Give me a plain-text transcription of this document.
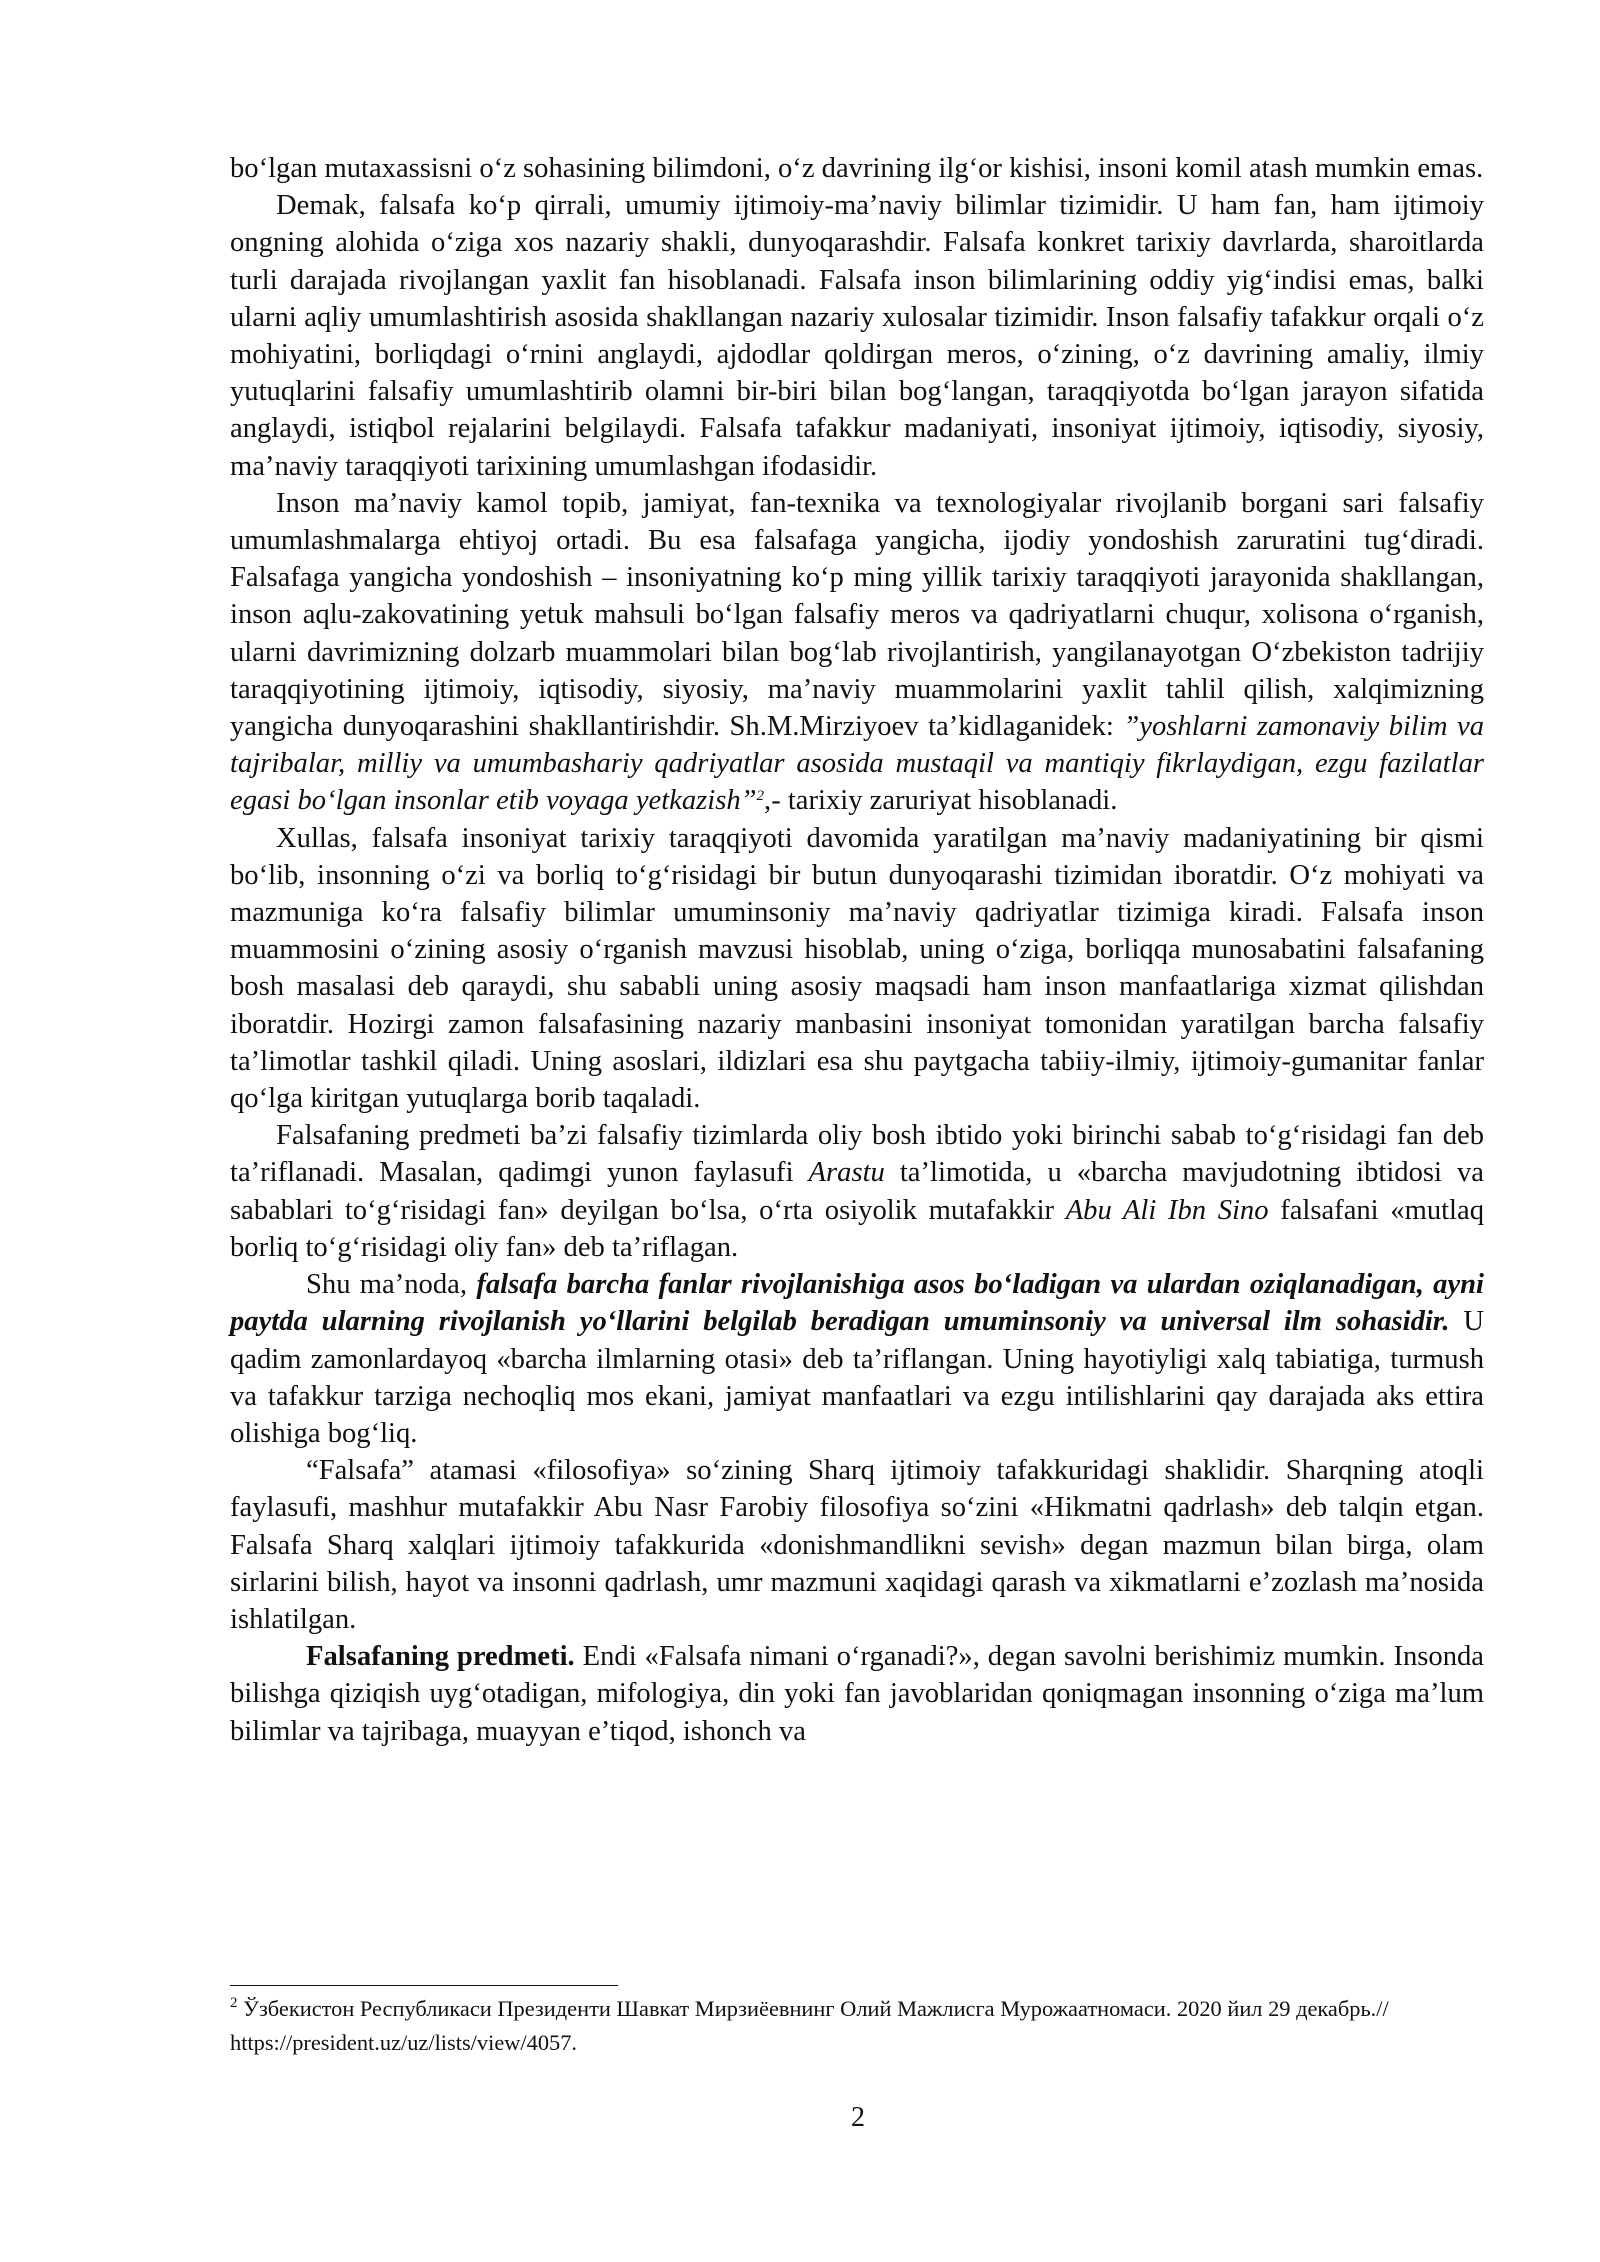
bo‘lgan mutaxassisni o‘z sohasining bilimdoni, o‘z davrining ilg‘or kishisi, insoni komil atash mumkin emas.

Demak, falsafa ko‘p qirrali, umumiy ijtimoiy-ma’naviy bilimlar tizimidir. U ham fan, ham ijtimoiy ongning alohida o‘ziga xos nazariy shakli, dunyoqarashdir. Falsafa konkret tarixiy davrlarda, sharoitlarda turli darajada rivojlangan yaxlit fan hisoblanadi. Falsafa inson bilimlarining oddiy yig‘indisi emas, balki ularni aqliy umumlashtirish asosida shakllangan nazariy xulosalar tizimidir. Inson falsafiy tafakkur orqali o‘z mohiyatini, borliqdagi o‘rnini anglaydi, ajdodlar qoldirgan meros, o‘zining, o‘z davrining amaliy, ilmiy yutuqlarini falsafiy umumlashtirib olamni bir-biri bilan bog‘langan, taraqqiyotda bo‘lgan jarayon sifatida anglaydi, istiqbol rejalarini belgilaydi. Falsafa tafakkur madaniyati, insoniyat ijtimoiy, iqtisodiy, siyosiy, ma’naviy taraqqiyoti tarixining umumlashgan ifodasidir.

Inson ma’naviy kamol topib, jamiyat, fan-texnika va texnologiyalar rivojlanib borgani sari falsafiy umumlashmalarga ehtiyoj ortadi. Bu esa falsafaga yangicha, ijodiy yondoshish zaruratini tug‘diradi. Falsafaga yangicha yondoshish – insoniyatning ko‘p ming yillik tarixiy taraqqiyoti jarayonida shakllangan, inson aqlu-zakovatining yetuk mahsuli bo‘lgan falsafiy meros va qadriyatlarni chuqur, xolisona o‘rganish, ularni davrimizning dolzarb muammolari bilan bog‘lab rivojlantirish, yangilanayotgan O‘zbekiston tadrijiy taraqqiyotining ijtimoiy, iqtisodiy, siyosiy, ma’naviy muammolarini yaxlit tahlil qilish, xalqimizning yangicha dunyoqarashini shakllantirishdir. Sh.M.Mirziyoev ta’kidlaganidek: ”yoshlarni zamonaviy bilim va tajribalar, milliy va umumbashariy qadriyatlar asosida mustaqil va mantiqiy fikrlaydigan, ezgu fazilatlar egasi bo‘lgan insonlar etib voyaga yetkazish”$^2$,- tarixiy zaruriyat hisoblanadi.

Xullas, falsafa insoniyat tarixiy taraqqiyoti davomida yaratilgan ma’naviy madaniyatining bir qismi bo‘lib, insonning o‘zi va borliq to‘g‘risidagi bir butun dunyoqarashi tizimidan iboratdir. O‘z mohiyati va mazmuniga ko‘ra falsafiy bilimlar umuminsoniy ma’naviy qadriyatlar tizimiga kiradi. Falsafa inson muammosini o‘zining asosiy o‘rganish mavzusi hisoblab, uning o‘ziga, borliqqa munosabatini falsafaning bosh masalasi deb qaraydi, shu sababli uning asosiy maqsadi ham inson manfaatlariga xizmat qilishdan iboratdir. Hozirgi zamon falsafasining nazariy manbasini insoniyat tomonidan yaratilgan barcha falsafiy ta’limotlar tashkil qiladi. Uning asoslari, ildizlari esa shu paytgacha tabiiy-ilmiy, ijtimoiy-gumanitar fanlar qo‘lga kiritgan yutuqlarga borib taqaladi.

Falsafaning predmeti ba’zi falsafiy tizimlarda oliy bosh ibtido yoki birinchi sabab to‘g‘risidagi fan deb ta’riflanadi. Masalan, qadimgi yunon faylasufi Arastu ta’limotida, u «barcha mavjudotning ibtidosi va sabablari to‘g‘risidagi fan» deyilgan bo‘lsa, o‘rta osiyolik mutafakkir Abu Ali Ibn Sino falsafani «mutlaq borliq to‘g‘risidagi oliy fan» deb ta’riflagan.

Shu ma’noda, falsafa barcha fanlar rivojlanishiga asos bo‘ladigan va ulardan oziqlanadigan, ayni paytda ularning rivojlanish yo‘llarini belgilab beradigan umuminsoniy va universal ilm sohasidir. U qadim zamonlardayoq «barcha ilmlarning otasi» deb ta’riflangan. Uning hayotiyligi xalq tabiatiga, turmush va tafakkur tarziga nechoqliq mos ekani, jamiyat manfaatlari va ezgu intilishlarini qay darajada aks ettira olishiga bog‘liq.

“Falsafa” atamasi «filosofiya» so‘zining Sharq ijtimoiy tafakkuridagi shaklidir. Sharqning atoqli faylasufi, mashhur mutafakkir Abu Nasr Farobiy filosofiya so‘zini «Hikmatni qadrlash» deb talqin etgan. Falsafa Sharq xalqlari ijtimoiy tafakkurida «donishmandlikni sevish» degan mazmun bilan birga, olam sirlarini bilish, hayot va insonni qadrlash, umr mazmuni xaqidagi qarash va xikmatlarni e’zozlash ma’nosida ishlatilgan.

Falsafaning predmeti. Endi «Falsafa nimani o‘rganadi?», degan savolni berishimiz mumkin. Insonda bilishga qiziqish uyg‘otadigan, mifologiya, din yoki fan javoblaridan qoniqmagan insonning o‘ziga ma’lum bilimlar va tajribaga, muayyan e’tiqod, ishonch va

$^2$ Ўзбекистон Республикаси Президенти Шавкат Мирзиёевнинг Олий Мажлисга Мурожаатномаси. 2020 йил 29 декабрь.// https://president.uz/uz/lists/view/4057.
2
